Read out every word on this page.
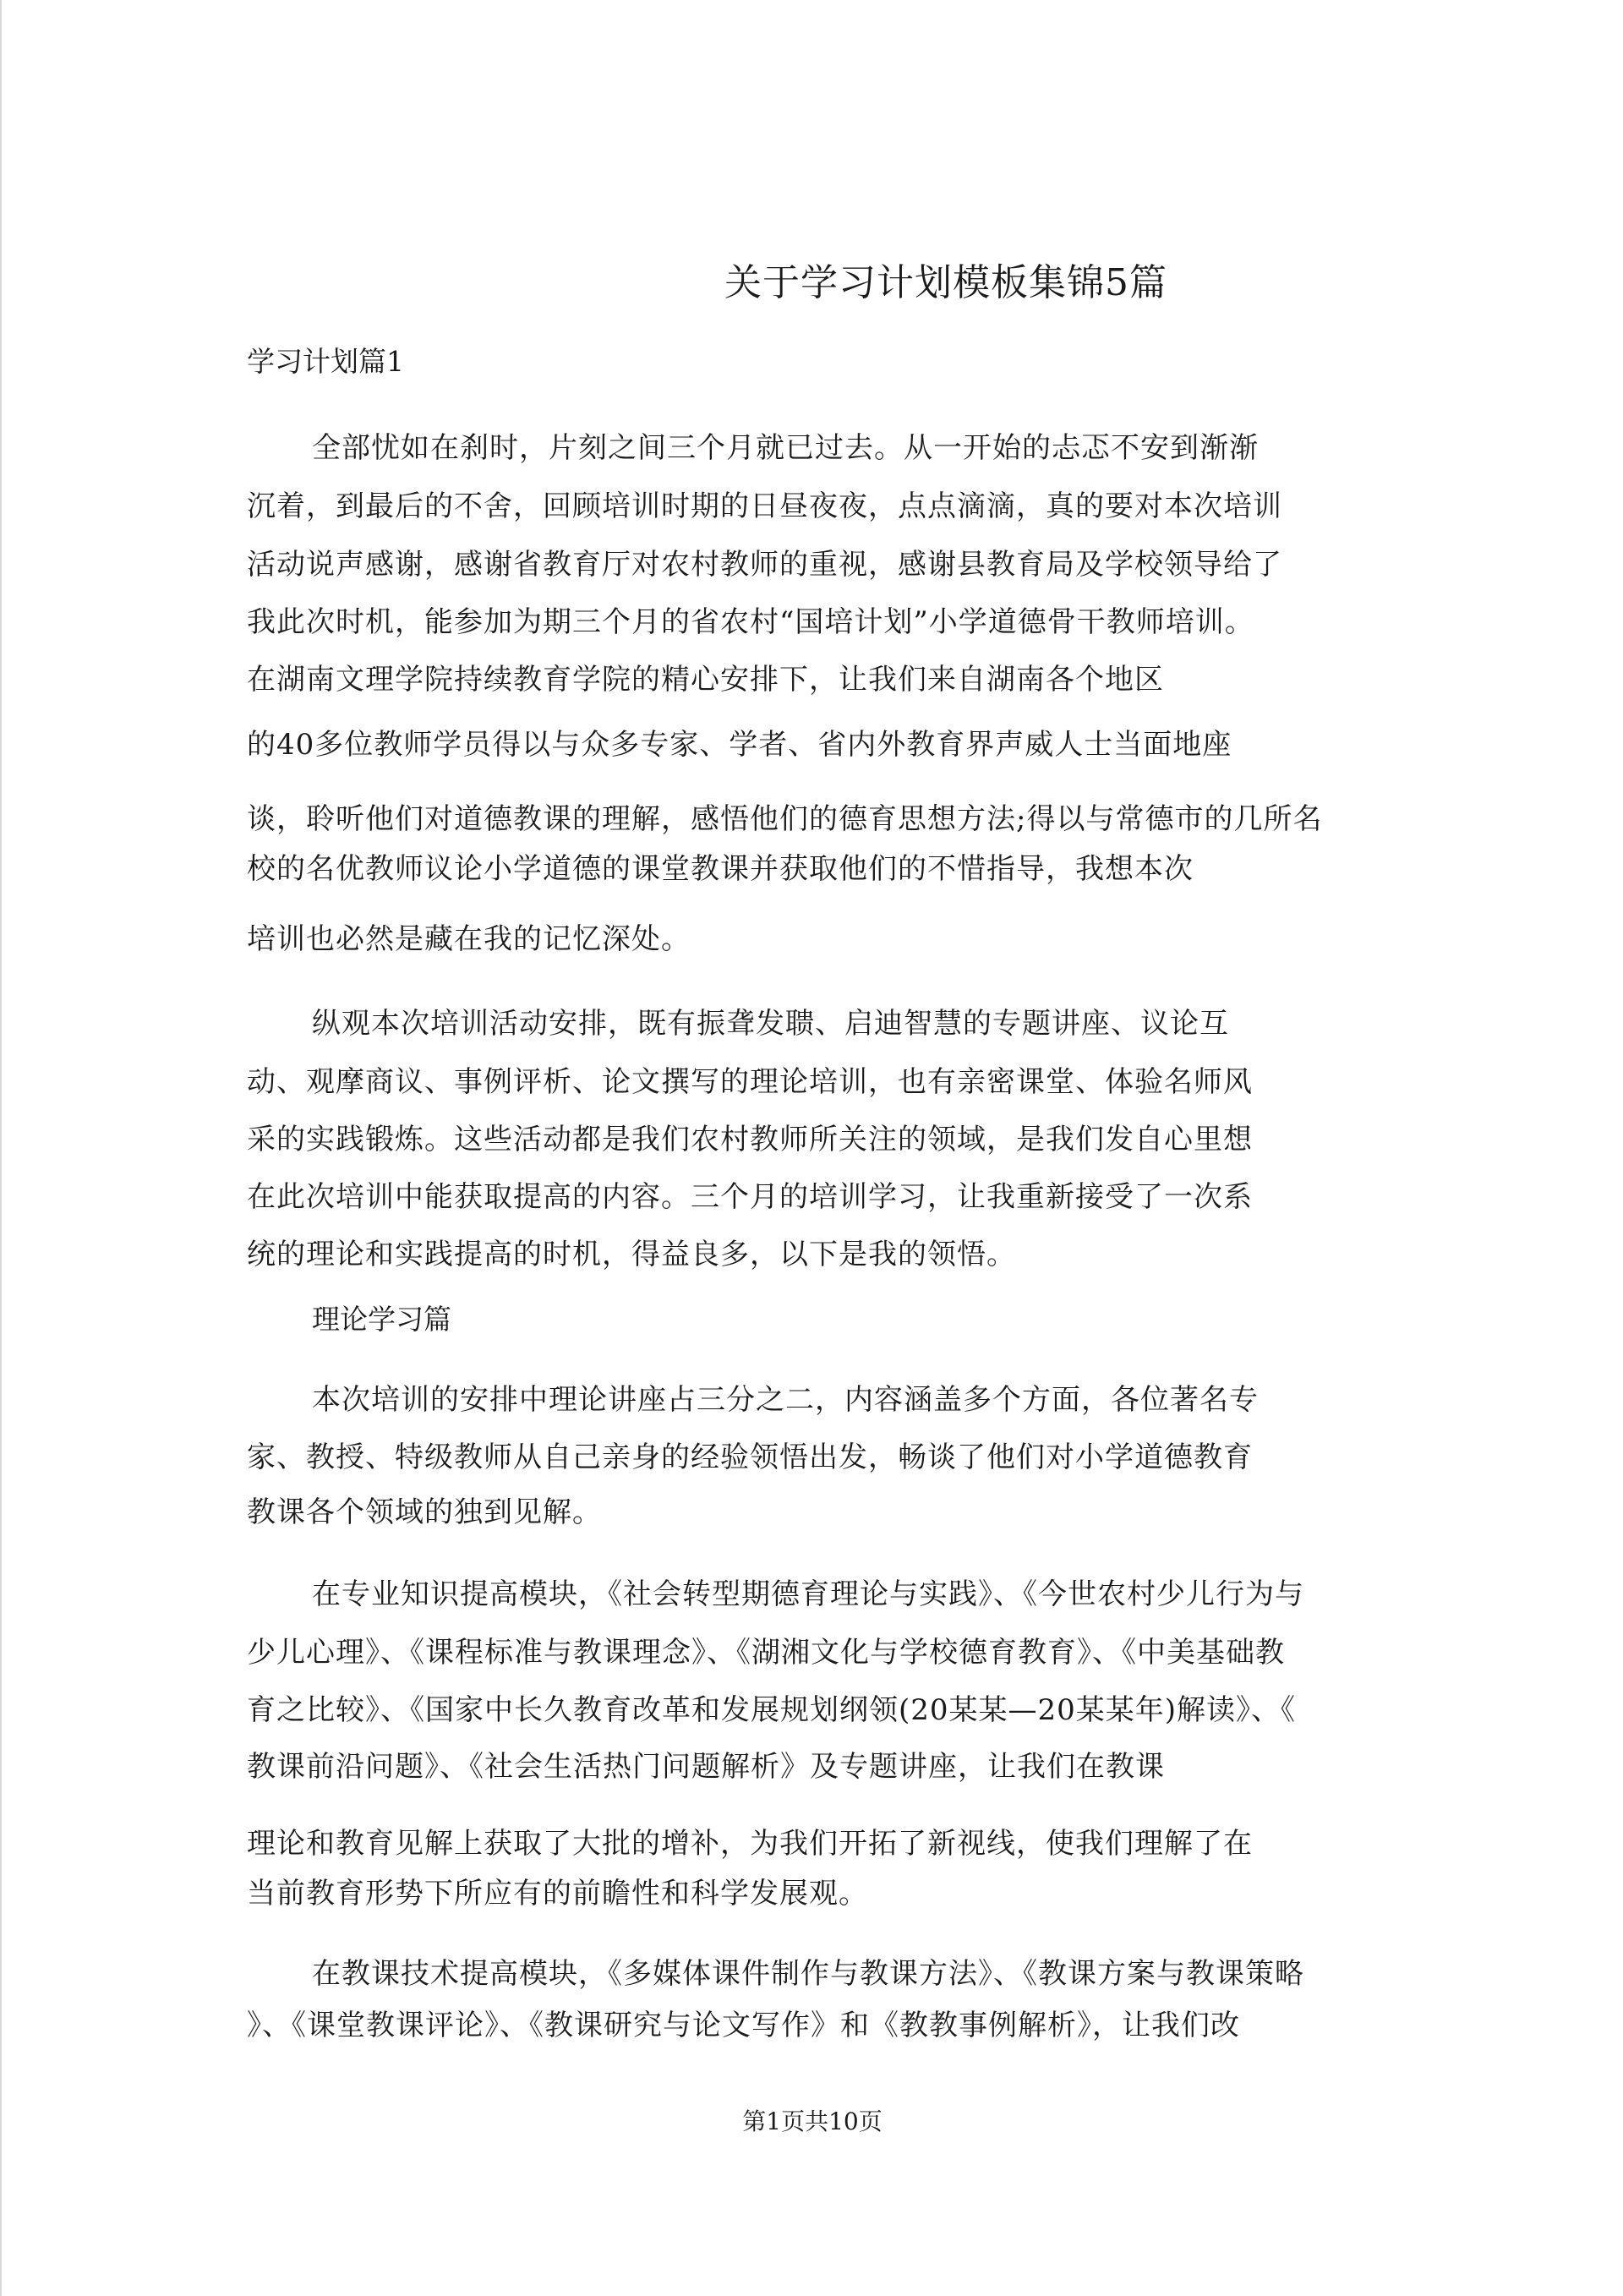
关于学习计划模板集锦5篇
学习计划篇1
全部忧如在刹时，片刻之间三个月就已过去。从一开始的忐忑不安到渐渐
沉着，到最后的不舍，回顾培训时期的日昼夜夜，点点滴滴，真的要对本次培训
活动说声感谢，感谢省教育厅对农村教师的重视，感谢县教育局及学校领导给了
我此次时机，能参加为期三个月的省农村“国培计划”小学道德骨干教师培训。
在湖南文理学院持续教育学院的精心安排下，让我们来自湖南各个地区
的40多位教师学员得以与众多专家、学者、省内外教育界声威人士当面地座
谈，聆听他们对道德教课的理解，感悟他们的德育思想方法;得以与常德市的几所名
校的名优教师议论小学道德的课堂教课并获取他们的不惜指导，我想本次
培训也必然是藏在我的记忆深处。
纵观本次培训活动安排，既有振聋发聩、启迪智慧的专题讲座、议论互
动、观摩商议、事例评析、论文撰写的理论培训，也有亲密课堂、体验名师风
采的实践锻炼。这些活动都是我们农村教师所关注的领域，是我们发自心里想
在此次培训中能获取提高的内容。三个月的培训学习，让我重新接受了一次系
统的理论和实践提高的时机，得益良多，以下是我的领悟。
理论学习篇
本次培训的安排中理论讲座占三分之二，内容涵盖多个方面，各位著名专
家、教授、特级教师从自己亲身的经验领悟出发，畅谈了他们对小学道德教育
教课各个领域的独到见解。
在专业知识提高模块，《社会转型期德育理论与实践》、《今世农村少儿行为与
少儿心理》、《课程标准与教课理念》、《湖湘文化与学校德育教育》、《中美基础教
育之比较》、《国家中长久教育改革和发展规划纲领(20某某—20某某年)解读》、《
教课前沿问题》、《社会生活热门问题解析》及专题讲座，让我们在教课
理论和教育见解上获取了大批的增补，为我们开拓了新视线，使我们理解了在
当前教育形势下所应有的前瞻性和科学发展观。
在教课技术提高模块，《多媒体课件制作与教课方法》、《教课方案与教课策略
》、《课堂教课评论》、《教课研究与论文写作》和《教教事例解析》，让我们改
第1页共10页
